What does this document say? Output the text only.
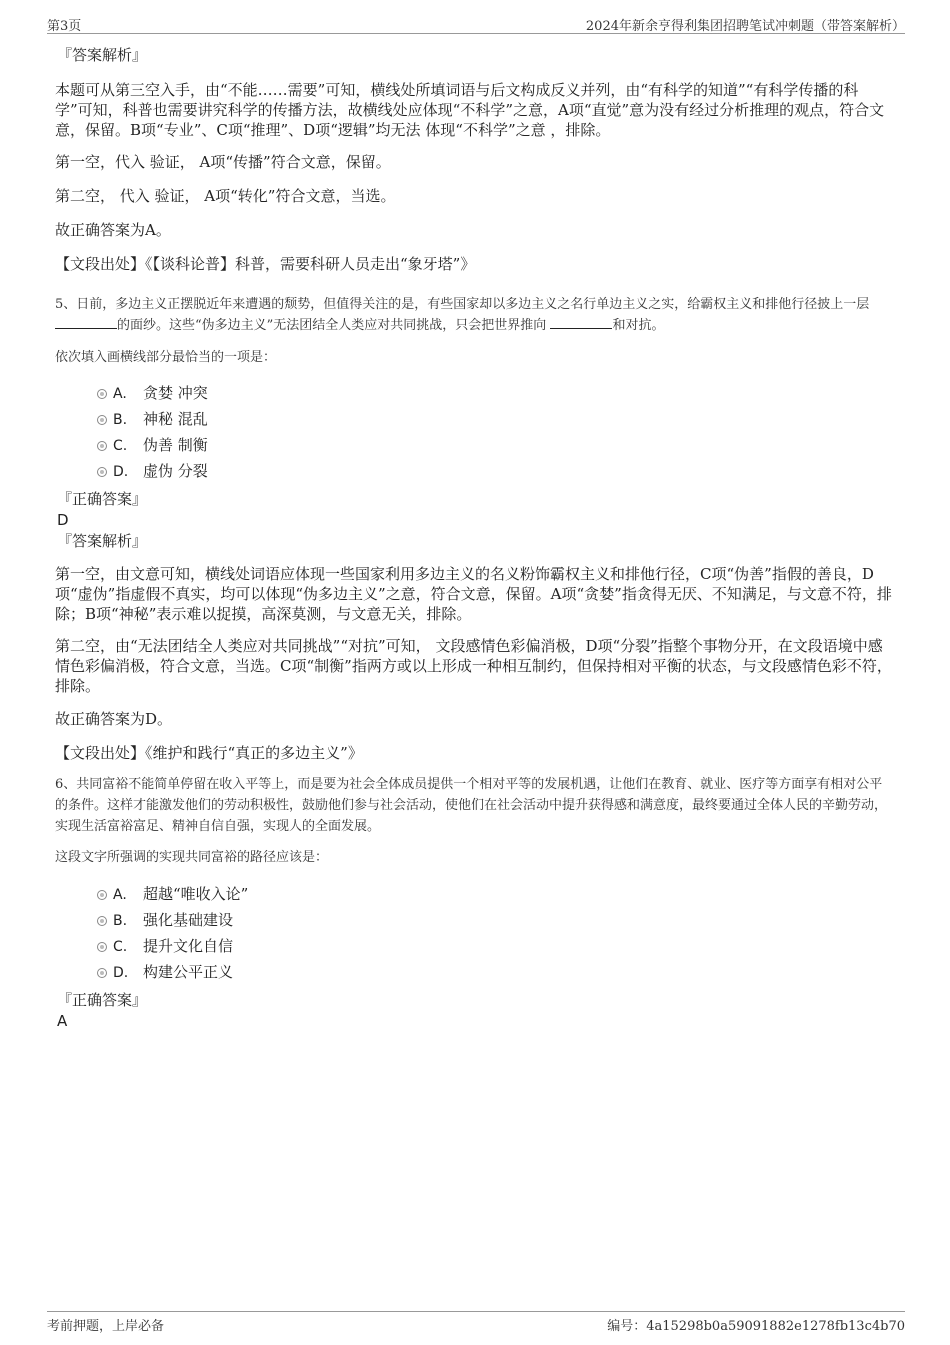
第3页	2024年新余亨得利集团招聘笔试冲刺题（带答案解析）
『答案解析』

本题可从第三空入手，由“不能……需要”可知，横线处所填词语与后文构成反义并列，由“有科学的知道”“有科学传播的科学”可知，科普也需要讲究科学的传播方法，故横线处应体现“不科学”之意，A项“直觉”意为没有经过分析推理的观点，符合文意，保留。B项“专业”、C项“推理”、D项“逻辑”均无法 体现“不科学”之意 ，排除。

第一空，代入 验证， A项“传播”符合文意，保留。

第二空， 代入 验证， A项“转化”符合文意，当选。

故正确答案为A。

【文段出处】《【谈科论普】科普，需要科研人员走出“象牙塔”》

5、日前，多边主义正摆脱近年来遭遇的颓势，但值得关注的是，有些国家却以多边主义之名行单边主义之实，给霸权主义和排他行径披上一层
的面纱。这些“伪多边主义”无法团结全人类应对共同挑战，只会把世界推向	和对抗。

依次填入画横线部分最恰当的一项是：

A. 贪婪 冲突
B. 神秘 混乱
C. 伪善 制衡
D. 虚伪 分裂
『正确答案』
D
『答案解析』

第一空，由文意可知，横线处词语应体现一些国家利用多边主义的名义粉饰霸权主义和排他行径，C项“伪善”指假的善良，D项“虚伪”指虚假不真实，均可以体现“伪多边主义”之意，符合文意，保留。A项“贪婪”指贪得无厌、不知满足，与文意不符，排除；B项“神秘”表示难以捉摸，高深莫测，与文意无关，排除。

第二空，由“无法团结全人类应对共同挑战”“对抗”可知， 文段感情色彩偏消极，D项“分裂”指整个事物分开，在文段语境中感情色彩偏消极，符合文意，当选。C项“制衡”指两方或以上形成一种相互制约，但保持相对平衡的状态，与文段感情色彩不符，排除。

故正确答案为D。

【文段出处】《维护和践行“真正的多边主义”》

6、共同富裕不能简单停留在收入平等上，而是要为社会全体成员提供一个相对平等的发展机遇，让他们在教育、就业、医疗等方面享有相对公平的条件。这样才能激发他们的劳动积极性，鼓励他们参与社会活动，使他们在社会活动中提升获得感和满意度，最终要通过全体人民的辛勤劳动，实现生活富裕富足、精神自信自强，实现人的全面发展。

这段文字所强调的实现共同富裕的路径应该是：

A. 超越“唯收入论”
B. 强化基础建设
C. 提升文化自信
D. 构建公平正义
『正确答案』
A
考前押题，上岸必备	编号：4a15298b0a59091882e1278fb13c4b70
